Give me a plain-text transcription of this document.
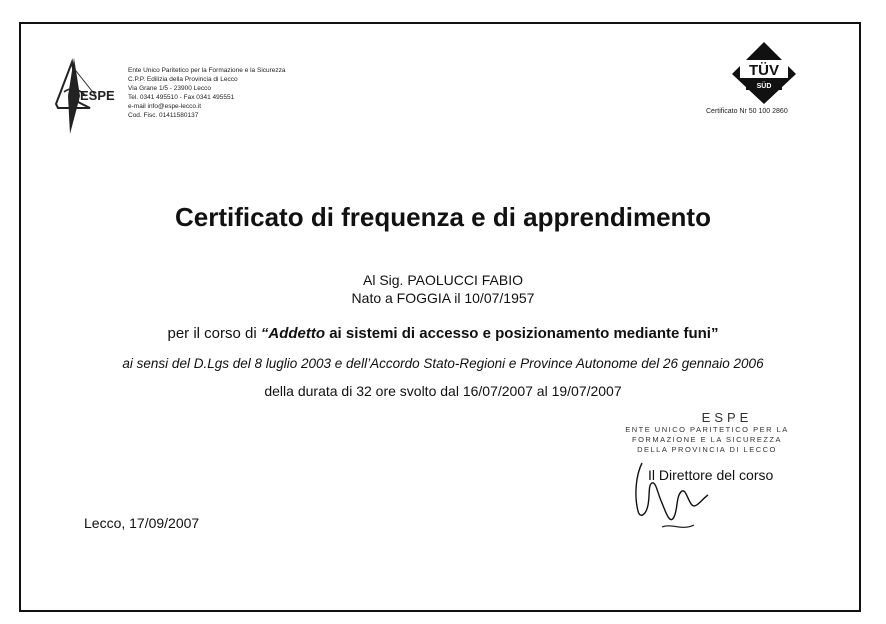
ESPE
Ente Unico Paritetico per la Formazione e la Sicurezza
C.P.P. Edilizia della Provincia di Lecco
Via Grane 1/5 - 23900 Lecco
Tel. 0341 495510 - Fax 0341 495551
e-mail info@espe-lecco.it
Cod. Fisc. 01411580137
TÜV
SÜD
Certificato Nr 50 100 2860
Certificato di frequenza e di apprendimento
Al Sig. PAOLUCCI FABIO
Nato a FOGGIA il 10/07/1957
per il corso di “Addetto ai sistemi di accesso e posizionamento mediante funi”
ai sensi del D.Lgs del 8 luglio 2003 e dell’Accordo Stato-Regioni e Province Autonome del 26 gennaio 2006
della durata di 32 ore svolto dal 16/07/2007 al 19/07/2007
ESPE
ENTE UNICO PARITETICO PER LA
FORMAZIONE E LA SICUREZZA
DELLA PROVINCIA DI LECCO
Il Direttore del corso
Lecco, 17/09/2007
